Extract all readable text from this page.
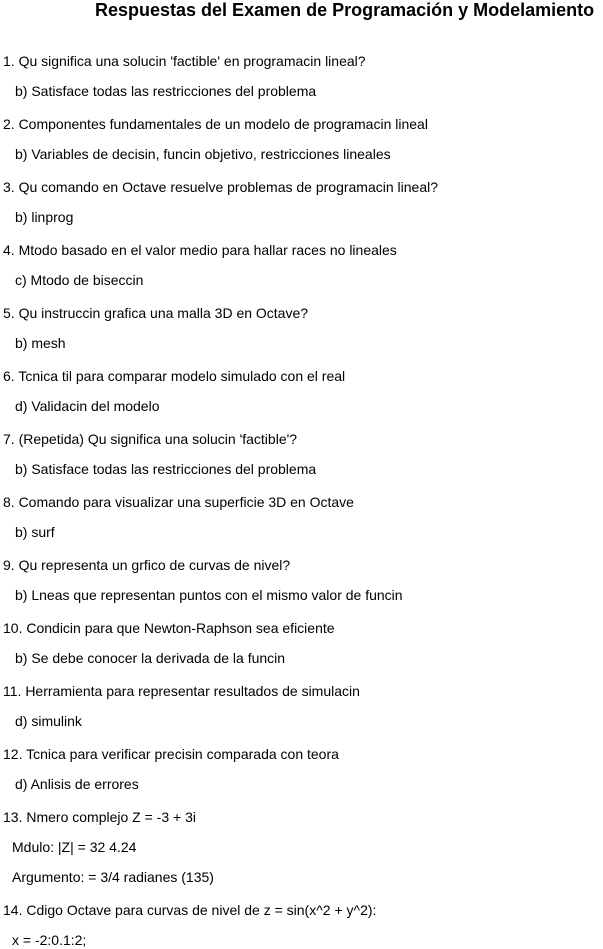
Respuestas del Examen de Programación y Modelamiento
1. Qu significa una solucin 'factible' en programacin lineal?
b) Satisface todas las restricciones del problema
2. Componentes fundamentales de un modelo de programacin lineal
b) Variables de decisin, funcin objetivo, restricciones lineales
3. Qu comando en Octave resuelve problemas de programacin lineal?
b) linprog
4. Mtodo basado en el valor medio para hallar races no lineales
c) Mtodo de biseccin
5. Qu instruccin grafica una malla 3D en Octave?
b) mesh
6. Tcnica til para comparar modelo simulado con el real
d) Validacin del modelo
7. (Repetida) Qu significa una solucin 'factible'?
b) Satisface todas las restricciones del problema
8. Comando para visualizar una superficie 3D en Octave
b) surf
9. Qu representa un grfico de curvas de nivel?
b) Lneas que representan puntos con el mismo valor de funcin
10. Condicin para que Newton-Raphson sea eficiente
b) Se debe conocer la derivada de la funcin
11. Herramienta para representar resultados de simulacin
d) simulink
12. Tcnica para verificar precisin comparada con teora
d) Anlisis de errores
13. Nmero complejo Z = -3 + 3i
Mdulo: |Z| = 32 4.24
Argumento: = 3/4 radianes (135)
14. Cdigo Octave para curvas de nivel de z = sin(x^2 + y^2):
x = -2:0.1:2;
